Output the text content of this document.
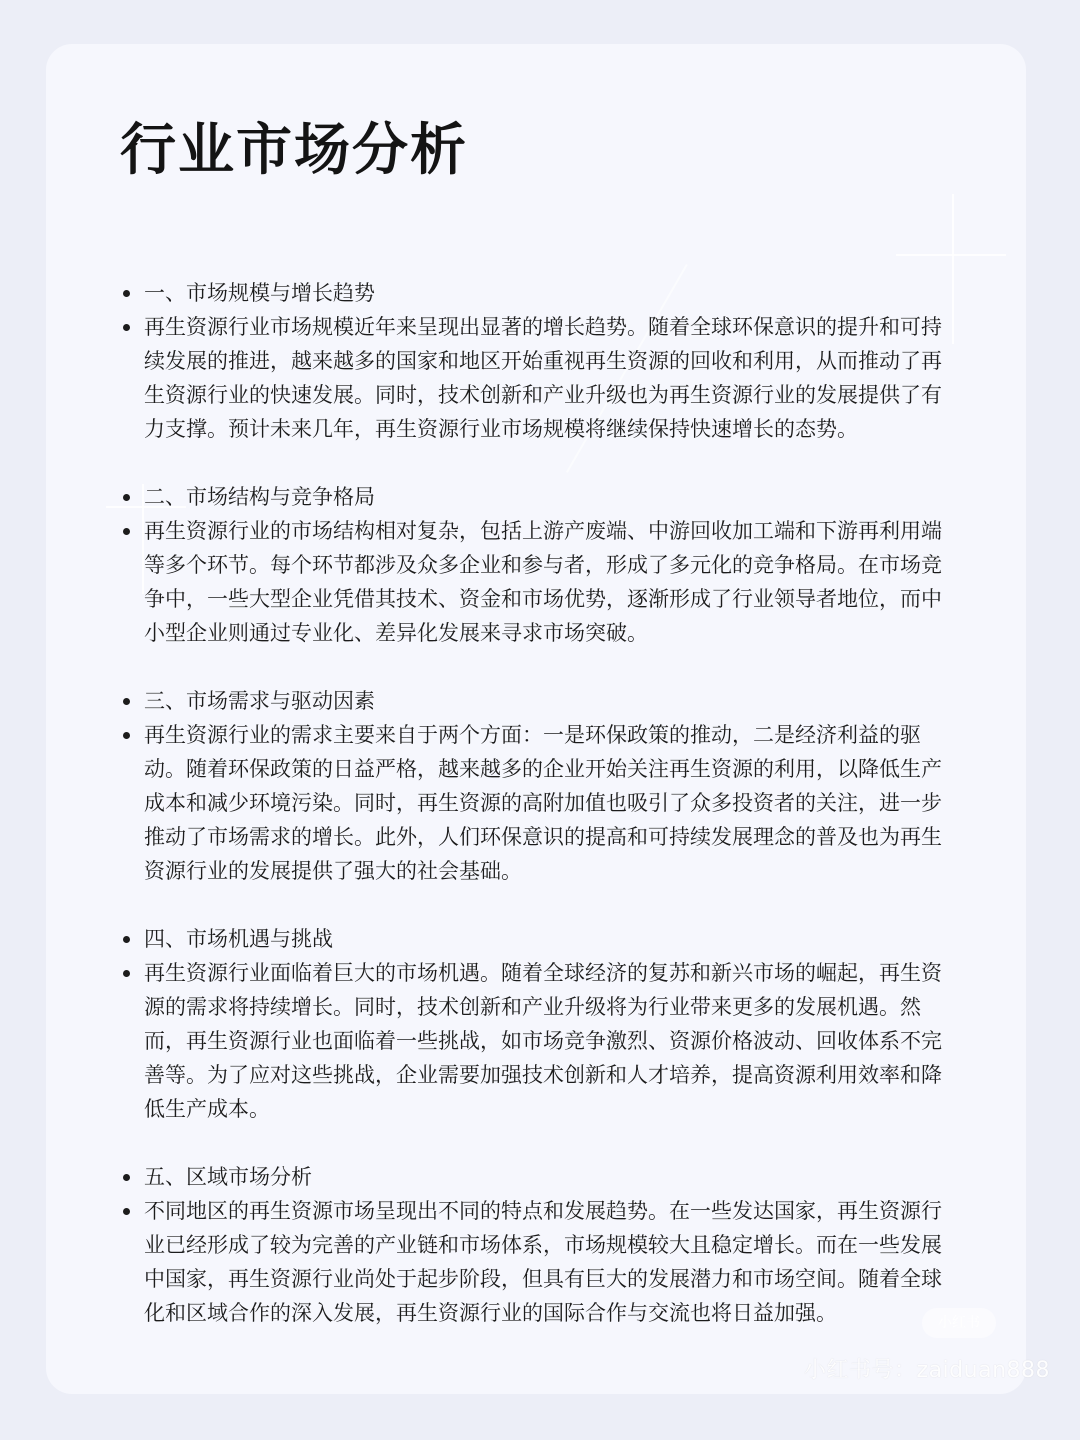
行业市场分析
一、市场规模与增长趋势
再生资源行业市场规模近年来呈现出显著的增长趋势。随着全球环保意识的提升和可持续发展的推进，越来越多的国家和地区开始重视再生资源的回收和利用，从而推动了再生资源行业的快速发展。同时，技术创新和产业升级也为再生资源行业的发展提供了有力支撑。预计未来几年，再生资源行业市场规模将继续保持快速增长的态势。
二、市场结构与竞争格局
再生资源行业的市场结构相对复杂，包括上游产废端、中游回收加工端和下游再利用端等多个环节。每个环节都涉及众多企业和参与者，形成了多元化的竞争格局。在市场竞争中，一些大型企业凭借其技术、资金和市场优势，逐渐形成了行业领导者地位，而中小型企业则通过专业化、差异化发展来寻求市场突破。
三、市场需求与驱动因素
再生资源行业的需求主要来自于两个方面：一是环保政策的推动，二是经济利益的驱动。随着环保政策的日益严格，越来越多的企业开始关注再生资源的利用，以降低生产成本和减少环境污染。同时，再生资源的高附加值也吸引了众多投资者的关注，进一步推动了市场需求的增长。此外，人们环保意识的提高和可持续发展理念的普及也为再生资源行业的发展提供了强大的社会基础。
四、市场机遇与挑战
再生资源行业面临着巨大的市场机遇。随着全球经济的复苏和新兴市场的崛起，再生资源的需求将持续增长。同时，技术创新和产业升级将为行业带来更多的发展机遇。然而，再生资源行业也面临着一些挑战，如市场竞争激烈、资源价格波动、回收体系不完善等。为了应对这些挑战，企业需要加强技术创新和人才培养，提高资源利用效率和降低生产成本。
五、区域市场分析
不同地区的再生资源市场呈现出不同的特点和发展趋势。在一些发达国家，再生资源行业已经形成了较为完善的产业链和市场体系，市场规模较大且稳定增长。而在一些发展中国家，再生资源行业尚处于起步阶段，但具有巨大的发展潜力和市场空间。随着全球化和区域合作的深入发展，再生资源行业的国际合作与交流也将日益加强。	小红书
小红书号：zaiduan888
